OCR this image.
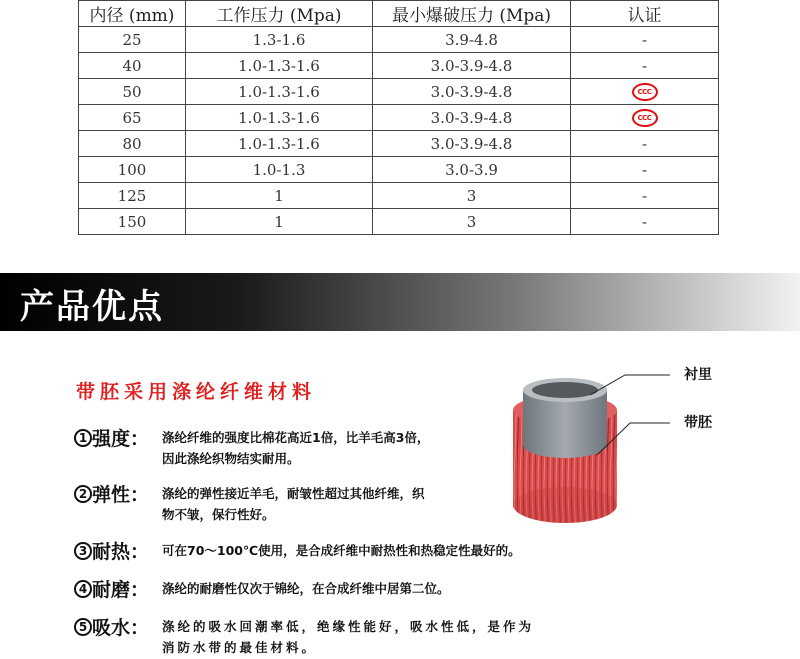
内径 (mm)	工作压力 (Mpa)	最小爆破压力 (Mpa)	认证
25	1.3-1.6	3.9-4.8	-
40	1.0-1.3-1.6	3.0-3.9-4.8	-
50	1.0-1.3-1.6	3.0-3.9-4.8	CCC
65	1.0-1.3-1.6	3.0-3.9-4.8	CCC
80	1.0-1.3-1.6	3.0-3.9-4.8	-
100	1.0-1.3	3.0-3.9	-
125	1	3	-
150	1	3	-
产品优点
带胚采用涤纶纤维材料
1 强度： 涤纶纤维的强度比棉花高近1倍，比羊毛高3倍，
因此涤纶织物结实耐用。
2 弹性： 涤纶的弹性接近羊毛，耐皱性超过其他纤维，织
物不皱，保行性好。
3 耐热： 可在70～100℃使用，是合成纤维中耐热性和热稳定性最好的。
4 耐磨： 涤纶的耐磨性仅次于锦纶，在合成纤维中居第二位。
5 吸水： 涤纶的吸水回潮率低，绝缘性能好，吸水性低，是作为
消防水带的最佳材料。
衬里
带胚
